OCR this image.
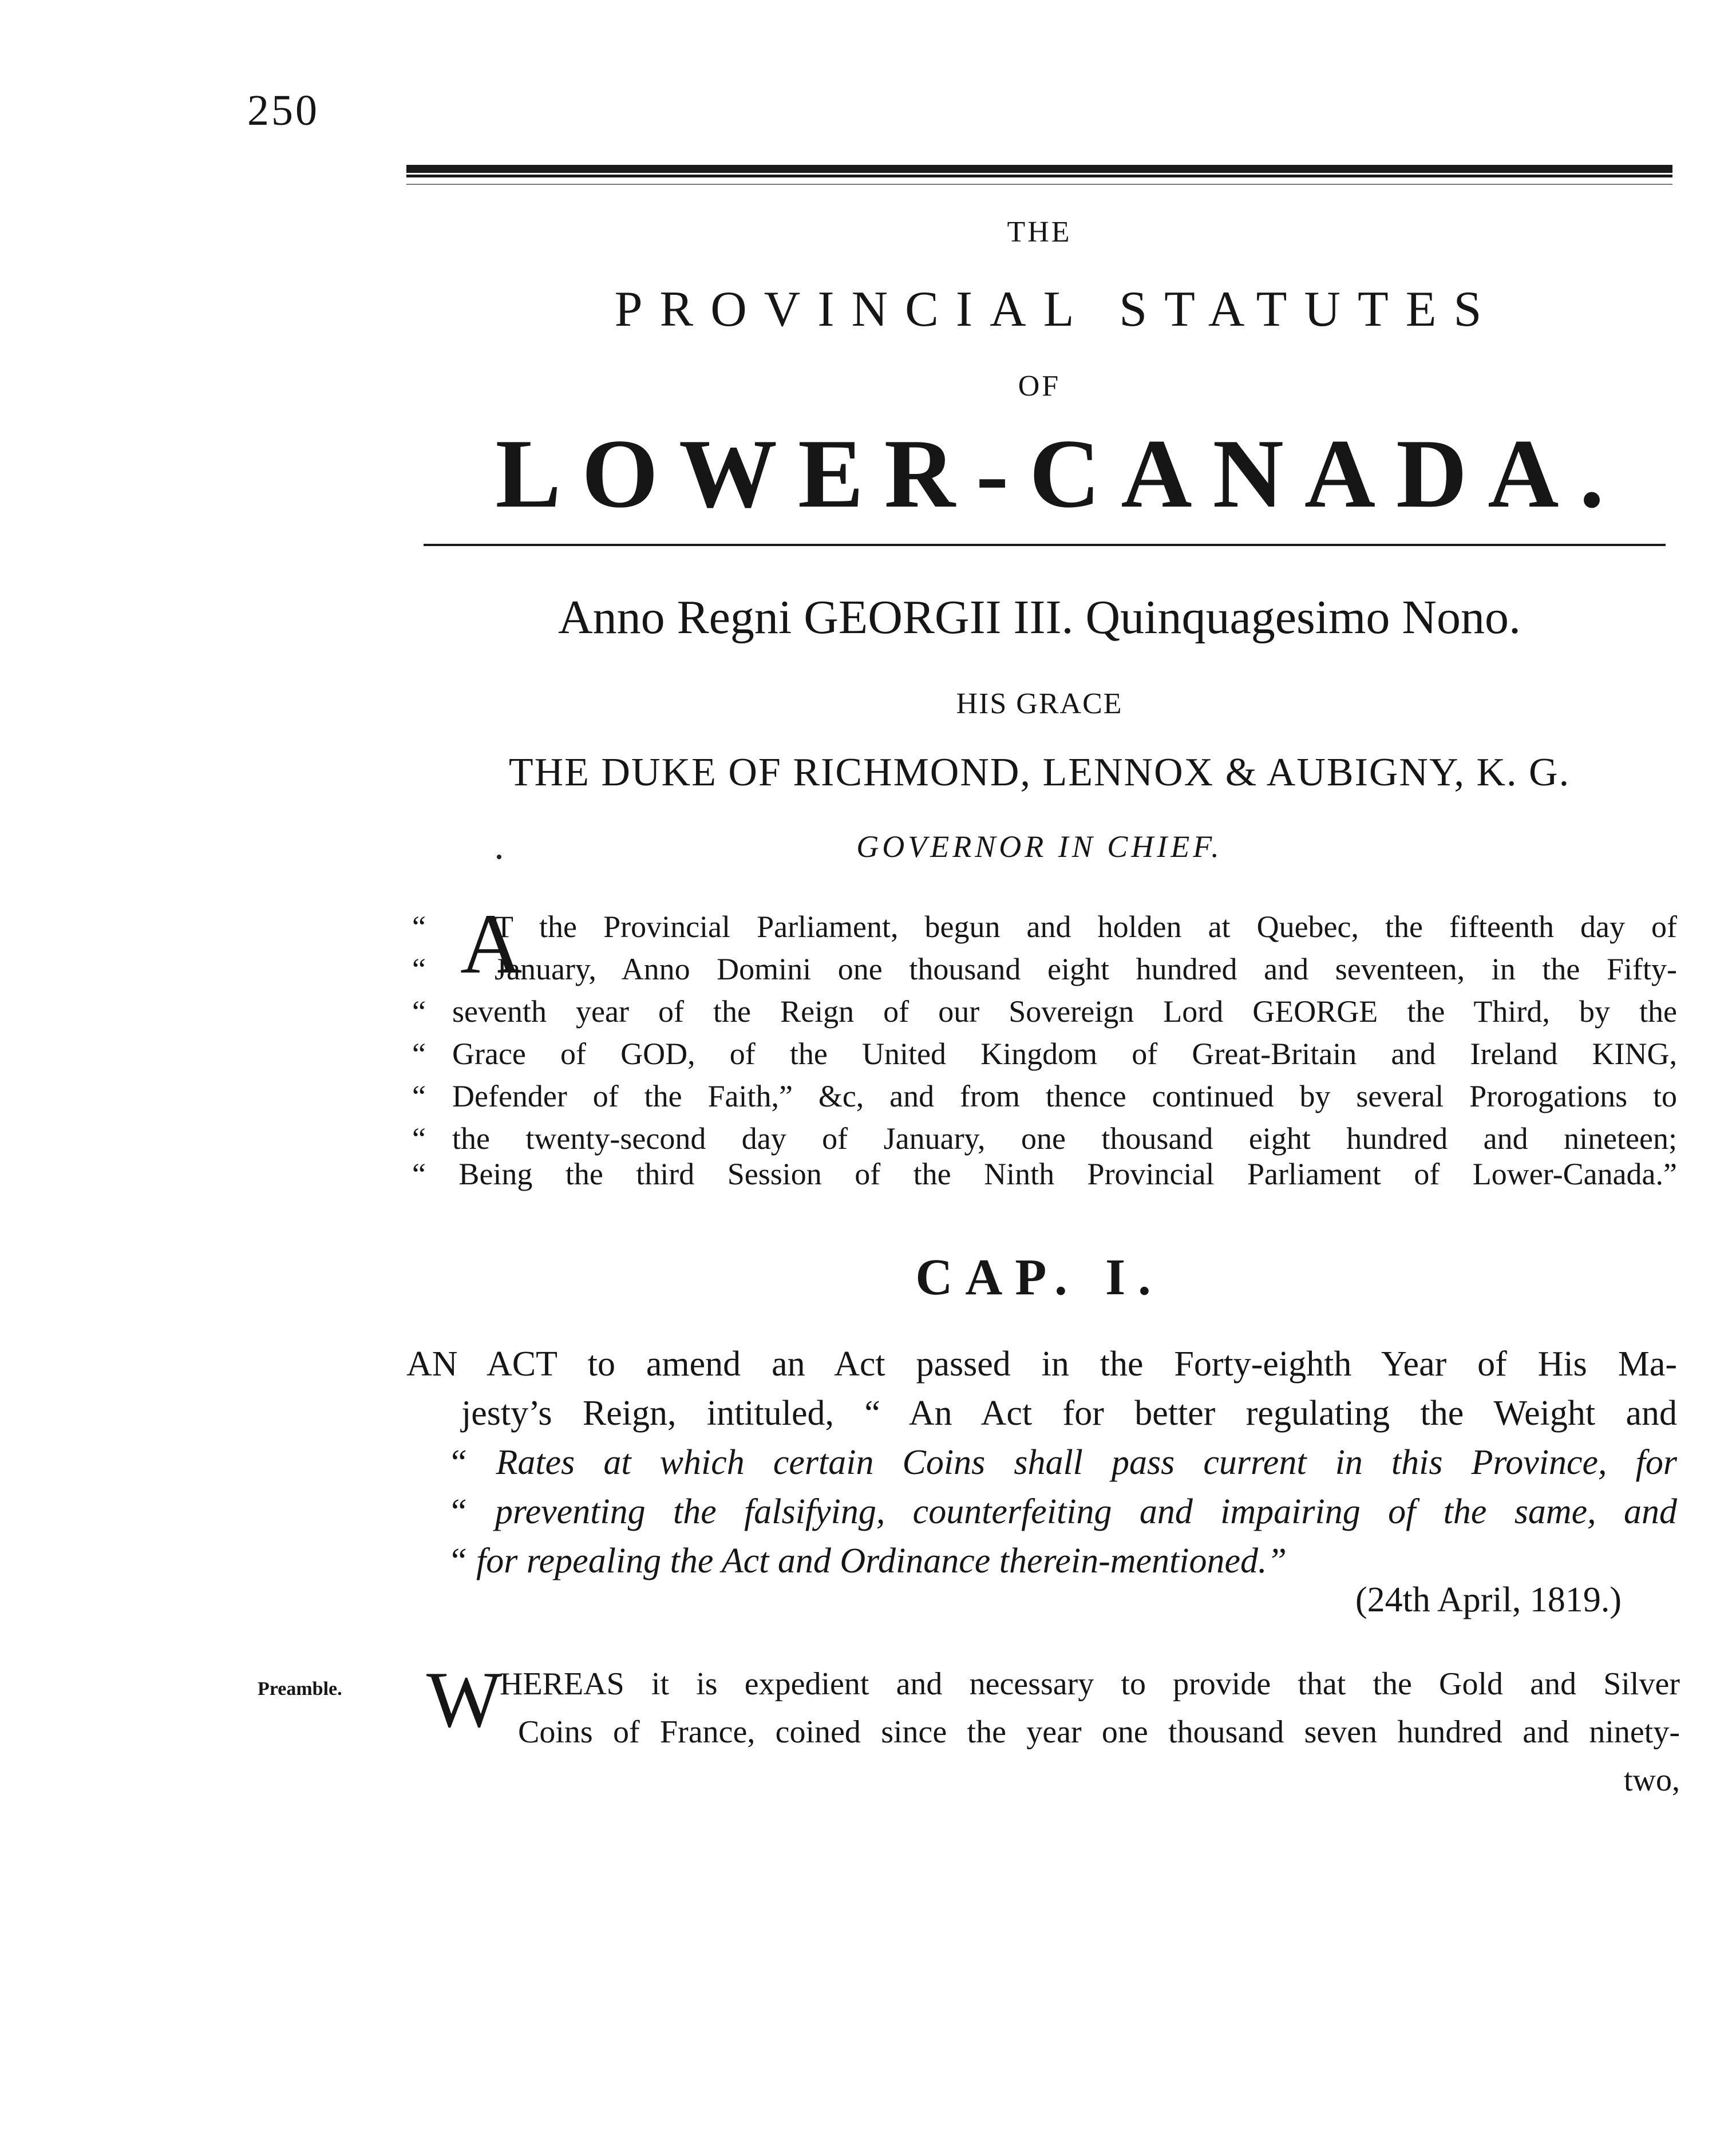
250
THE
PROVINCIAL STATUTES
OF
LOWER-CANADA.
Anno Regni GEORGII III. Quinquagesimo Nono.
HIS GRACE
THE DUKE OF RICHMOND, LENNOX & AUBIGNY, K. G.
GOVERNOR IN CHIEF.
A
“ T the Provincial Parliament, begun and holden at Quebec, the fifteenth day of
“ January, Anno Domini one thousand eight hundred and seventeen, in the Fifty-
“ seventh year of the Reign of our Sovereign Lord GEORGE the Third, by the
“ Grace of GOD, of the United Kingdom of Great-Britain and Ireland KING,
“ Defender of the Faith,” &c, and from thence continued by several Prorogations to
“ the twenty-second day of January, one thousand eight hundred and nineteen;
“ Being the third Session of the Ninth Provincial Parliament of Lower-Canada.”
CAP. I.
AN ACT to amend an Act passed in the Forty-eighth Year of His Ma-
jesty’s Reign, intituled, “ An Act for better regulating the Weight and
“ Rates at which certain Coins shall pass current in this Province, for
“ preventing the falsifying, counterfeiting and impairing of the same, and
“ for repealing the Act and Ordinance therein-mentioned.”
(24th April, 1819.)
Preamble. W
HEREAS it is expedient and necessary to provide that the Gold and Silver
Coins of France, coined since the year one thousand seven hundred and ninety-
two,
